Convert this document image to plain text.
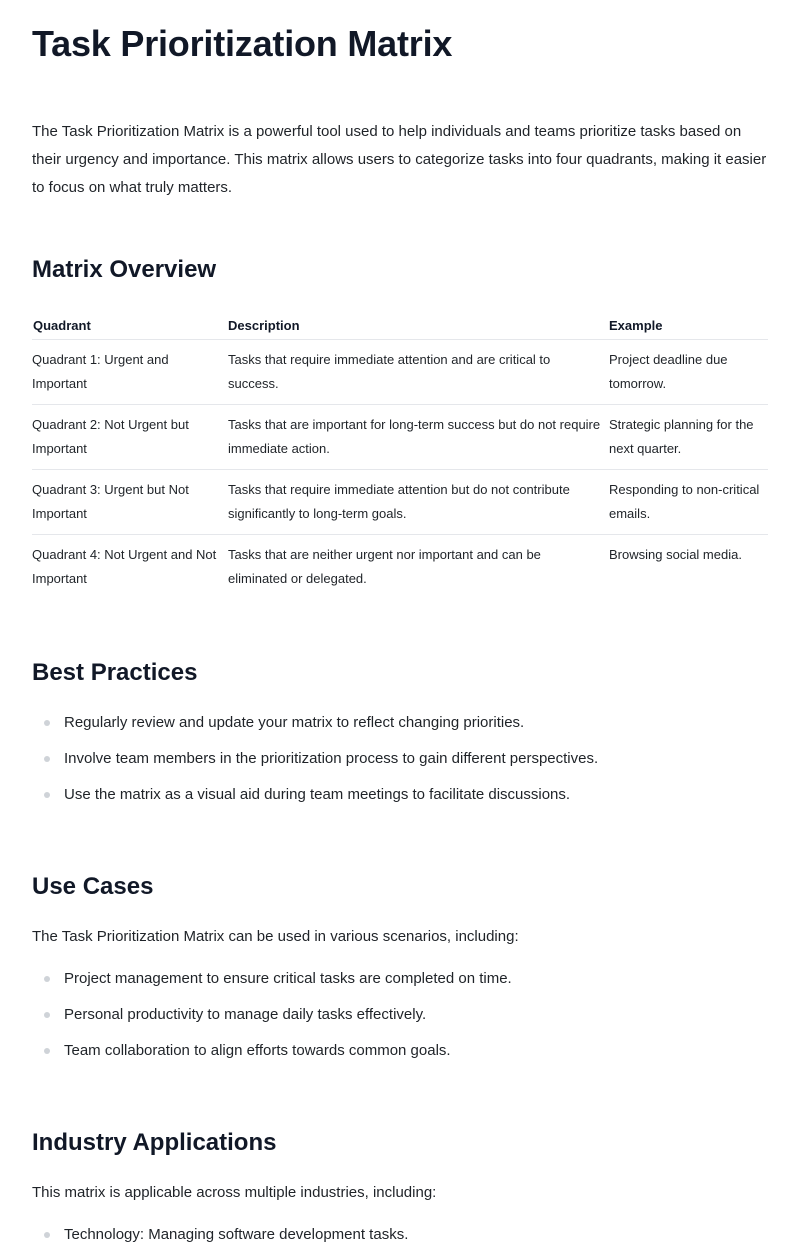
Task Prioritization Matrix

The Task Prioritization Matrix is a powerful tool used to help individuals and teams prioritize tasks based on their urgency and importance. This matrix allows users to categorize tasks into four quadrants, making it easier to focus on what truly matters.

Matrix Overview
Quadrant	Description	Example
Quadrant 1: Urgent and Important	Tasks that require immediate attention and are critical to success.	Project deadline due tomorrow.
Quadrant 2: Not Urgent but Important	Tasks that are important for long-term success but do not require immediate action.	Strategic planning for the next quarter.
Quadrant 3: Urgent but Not Important	Tasks that require immediate attention but do not contribute significantly to long-term goals.	Responding to non-critical emails.
Quadrant 4: Not Urgent and Not Important	Tasks that are neither urgent nor important and can be eliminated or delegated.	Browsing social media.
Best Practices
Regularly review and update your matrix to reflect changing priorities.
Involve team members in the prioritization process to gain different perspectives.
Use the matrix as a visual aid during team meetings to facilitate discussions.
Use Cases

The Task Prioritization Matrix can be used in various scenarios, including:

Project management to ensure critical tasks are completed on time.
Personal productivity to manage daily tasks effectively.
Team collaboration to align efforts towards common goals.
Industry Applications

This matrix is applicable across multiple industries, including:

Technology: Managing software development tasks.
